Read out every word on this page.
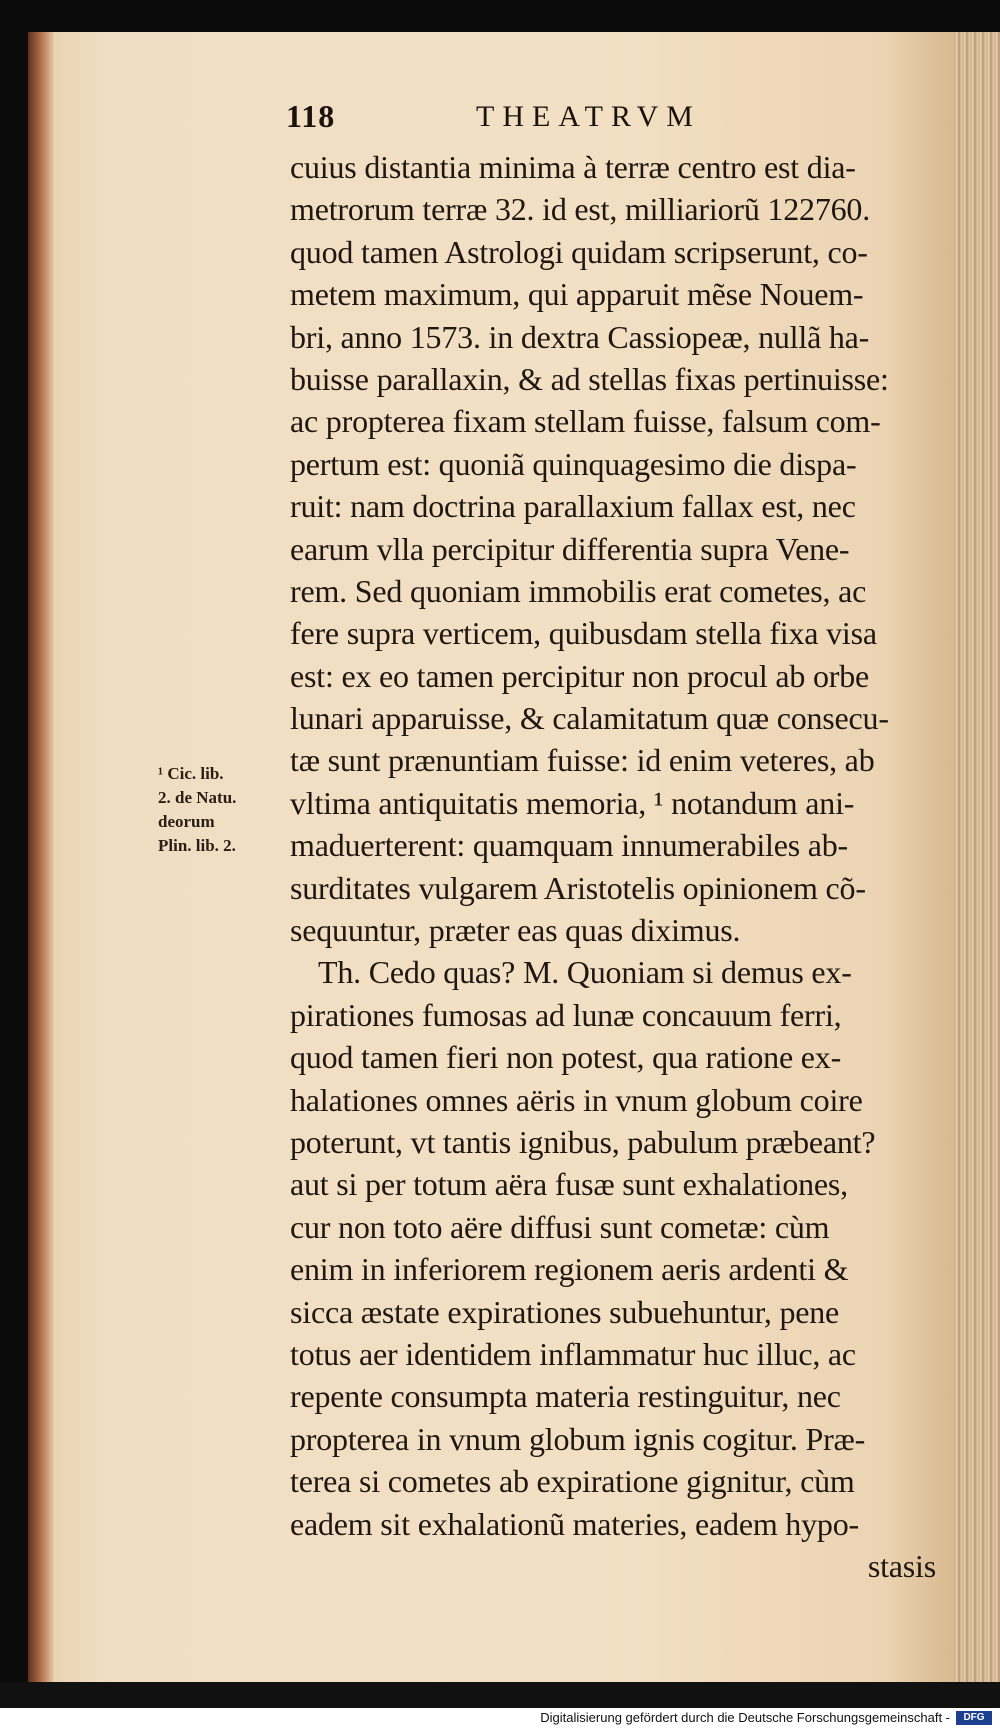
118	THEATRVM
cuius distantia minima à terræ centro est dia-
metrorum terræ 32. id est, milliariorũ 122760.
quod tamen Astrologi quidam scripserunt, co-
metem maximum, qui apparuit mẽse Nouem-
bri, anno 1573. in dextra Cassiopeæ, nullã ha-
buisse parallaxin, & ad stellas fixas pertinuisse:
ac propterea fixam stellam fuisse, falsum com-
pertum est: quoniã quinquagesimo die dispa-
ruit: nam doctrina parallaxium fallax est, nec
earum vlla percipitur differentia supra Vene-
rem. Sed quoniam immobilis erat cometes, ac
fere supra verticem, quibusdam stella fixa visa
est: ex eo tamen percipitur non procul ab orbe
lunari apparuisse, & calamitatum quæ consecu-
tæ sunt prænuntiam fuisse: id enim veteres, ab
vltima antiquitatis memoria, ¹ notandum ani-
maduerterent: quamquam innumerabiles ab-
surditates vulgarem Aristotelis opinionem cõ-
sequuntur, præter eas quas diximus.
Th. Cedo quas? M. Quoniam si demus ex-
pirationes fumosas ad lunæ concauum ferri,
quod tamen fieri non potest, qua ratione ex-
halationes omnes aëris in vnum globum coire
poterunt, vt tantis ignibus, pabulum præbeant?
aut si per totum aëra fusæ sunt exhalationes,
cur non toto aëre diffusi sunt cometæ: cùm
enim in inferiorem regionem aeris ardenti &
sicca æstate expirationes subuehuntur, pene
totus aer identidem inflammatur huc illuc, ac
repente consumpta materia restinguitur, nec
propterea in vnum globum ignis cogitur. Præ-
terea si cometes ab expiratione gignitur, cùm
eadem sit exhalationũ materies, eadem hypo-
stasis
¹ Cic. lib.
2. de Natu.
deorum
Plin. lib. 2.
Digitalisierung gefördert durch die Deutsche Forschungsgemeinschaft -	DFG
